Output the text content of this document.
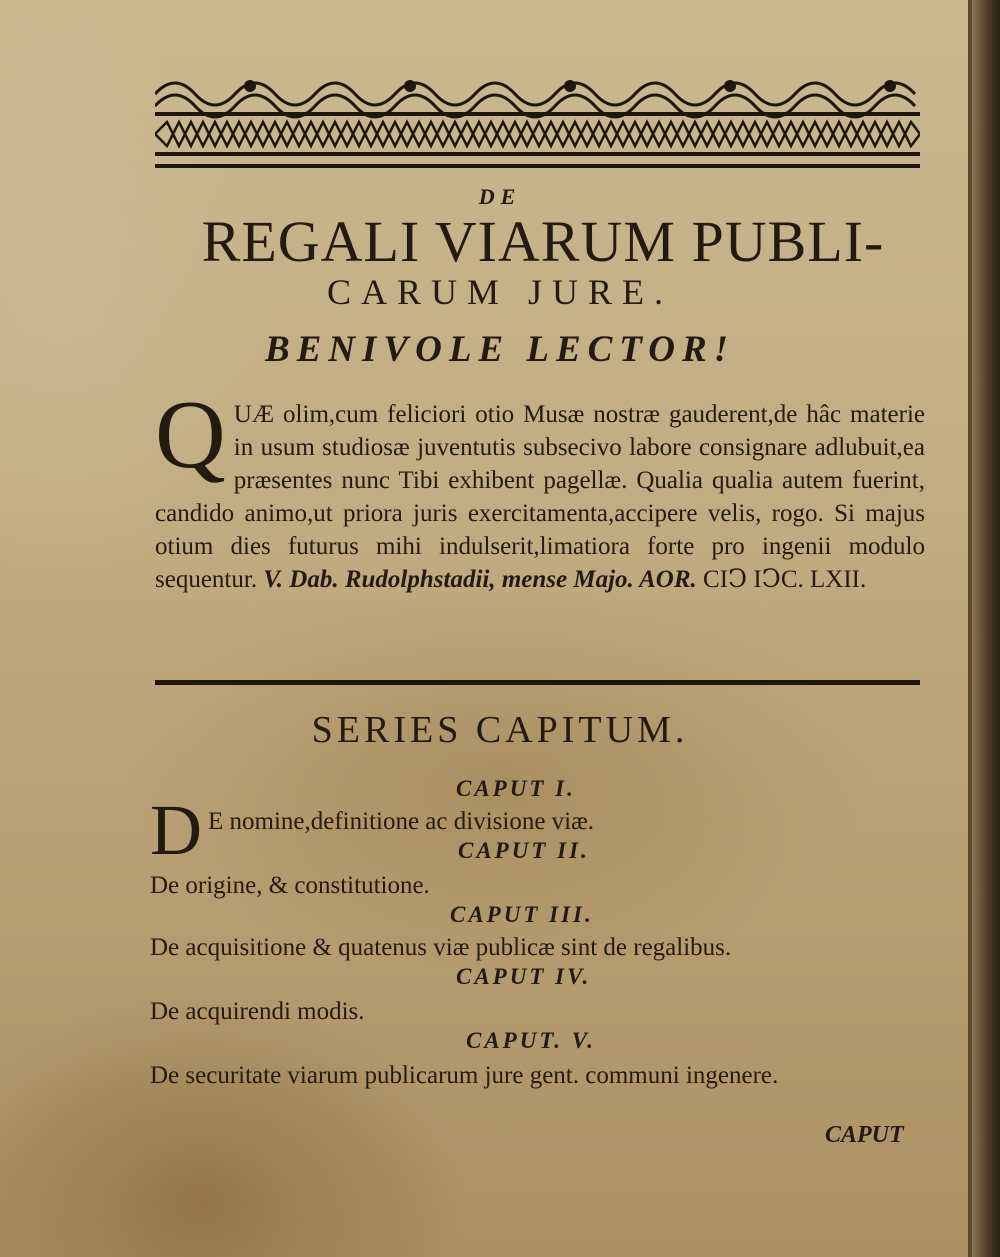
DE
REGALI VIARUM PUBLI-
CARUM JURE.
BENIVOLE LECTOR!
QUÆ olim,cum feliciori otio Musæ nostræ gauderent,de hâc materie in usum studiosæ juventutis subsecivo labore consignare adlubuit,ea præsentes nunc Tibi exhibent pagellæ. Qualia qualia autem fuerint, candido animo,ut priora juris exercitamenta,accipere velis, rogo. Si majus otium dies futurus mihi indulserit,limatiora forte pro ingenii modulo sequentur. V. Dab. Rudolphstadii, mense Majo. AOR. CIↃ IↃC. LXII.
SERIES CAPITUM.
CAPUT I.
D E nomine,definitione ac divisione viæ.
CAPUT II.
De origine, & constitutione.
CAPUT III.
De acquisitione & quatenus viæ publicæ sint de regalibus.
CAPUT IV.
De acquirendi modis.
CAPUT. V.
De securitate viarum publicarum jure gent. communi ingenere.
CAPUT
